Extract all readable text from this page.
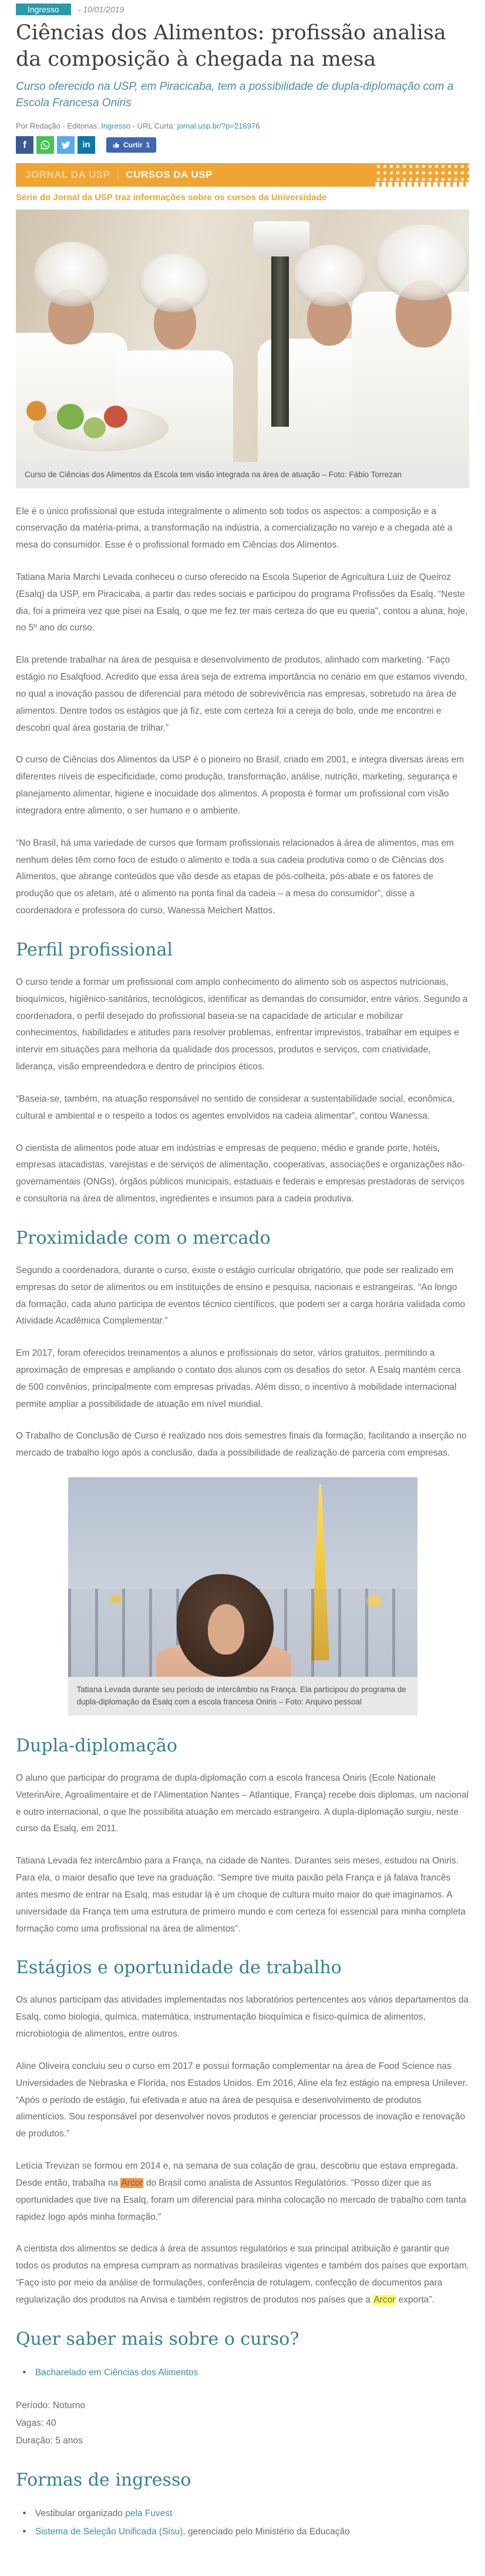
Ingresso	- 10/01/2019
Ciências dos Alimentos: profissão analisa da composição à chegada na mesa
Curso oferecido na USP, em Piracicaba, tem a possibilidade de dupla-diplomação com a Escola Francesa Oniris
Por Redação - Editorias: Ingresso - URL Curta: jornal.usp.br/?p=216976
f	in	Curtir 1
JORNAL DA USP CURSOS DA USP
Série do Jornal da USP traz informações sobre os cursos da Universidade
Curso de Ciências dos Alimentos da Escola tem visão integrada na área de atuação – Foto: Fábio Torrezan

Ele é o único profissional que estuda integralmente o alimento sob todos os aspectos: a composição e a conservação da matéria-prima, a transformação na indústria, a comercialização no varejo e a chegada até a mesa do consumidor. Esse é o profissional formado em Ciências dos Alimentos.

Tatiana Maria Marchi Levada conheceu o curso oferecido na Escola Superior de Agricultura Luiz de Queiroz (Esalq) da USP, em Piracicaba, a partir das redes sociais e participou do programa Profissões da Esalq. “Neste dia, foi a primeira vez que pisei na Esalq, o que me fez ter mais certeza do que eu queria”, contou a aluna, hoje, no 5º ano do curso.

Ela pretende trabalhar na área de pesquisa e desenvolvimento de produtos, alinhado com marketing. “Faço estágio no Esalqfood. Acredito que essa área seja de extrema importância no cenário em que estamos vivendo, no qual a inovação passou de diferencial para método de sobrevivência nas empresas, sobretudo na área de alimentos. Dentre todos os estágios que já fiz, este com certeza foi a cereja do bolo, onde me encontrei e descobri qual área gostaria de trilhar.”

O curso de Ciências dos Alimentos da USP é o pioneiro no Brasil, criado em 2001, e integra diversas áreas em diferentes níveis de especificidade, como produção, transformação, análise, nutrição, marketing, segurança e planejamento alimentar, higiene e inocuidade dos alimentos. A proposta é formar um profissional com visão integradora entre alimento, o ser humano e o ambiente.

“No Brasil, há uma variedade de cursos que formam profissionais relacionados à área de alimentos, mas em nenhum deles têm como foco de estudo o alimento e toda a sua cadeia produtiva como o de Ciências dos Alimentos, que abrange conteúdos que vão desde as etapas de pós-colheita, pós-abate e os fatores de produção que os afetam, até o alimento na ponta final da cadeia – a mesa do consumidor”, disse a coordenadora e professora do curso, Wanessa Melchert Mattos.

Perfil profissional

O curso tende a formar um profissional com amplo conhecimento do alimento sob os aspectos nutricionais, bioquímicos, higiênico-sanitários, tecnológicos, identificar as demandas do consumidor, entre vários. Segundo a coordenadora, o perfil desejado do profissional baseia-se na capacidade de articular e mobilizar conhecimentos, habilidades e atitudes para resolver problemas, enfrentar imprevistos, trabalhar em equipes e intervir em situações para melhoria da qualidade dos processos, produtos e serviços, com criatividade, liderança, visão empreendedora e dentro de princípios éticos.

“Baseia-se, também, na atuação responsável no sentido de considerar a sustentabilidade social, econômica, cultural e ambiental e o respeito a todos os agentes envolvidos na cadeia alimentar”, contou Wanessa.

O cientista de alimentos pode atuar em indústrias e empresas de pequeno, médio e grande porte, hotéis, empresas atacadistas, varejistas e de serviços de alimentação, cooperativas, associações e organizações não-governamentais (ONGs), órgãos públicos municipais, estaduais e federais e empresas prestadoras de serviços e consultoria na área de alimentos, ingredientes e insumos para a cadeia produtiva.

Proximidade com o mercado

Segundo a coordenadora, durante o curso, existe o estágio curricular obrigatório, que pode ser realizado em empresas do setor de alimentos ou em instituições de ensino e pesquisa, nacionais e estrangeiras. “Ao longo da formação, cada aluno participa de eventos técnico científicos, que podem ser a carga horária validada como Atividade Acadêmica Complementar.”

Em 2017, foram oferecidos treinamentos a alunos e profissionais do setor, vários gratuitos, permitindo a aproximação de empresas e ampliando o contato dos alunos com os desafios do setor. A Esalq mantém cerca de 500 convênios, principalmente com empresas privadas. Além disso, o incentivo à mobilidade internacional permite ampliar a possibilidade de atuação em nível mundial.

O Trabalho de Conclusão de Curso é realizado nos dois semestres finais da formação, facilitando a inserção no mercado de trabalho logo após a conclusão, dada a possibilidade de realização de parceria com empresas.

Tatiana Levada durante seu período de intercâmbio na França. Ela participou do programa de dupla-diplomação da Esalq com a escola francesa Oniris – Foto: Arquivo pessoal
Dupla-diplomação

O aluno que participar do programa de dupla-diplomação com a escola francesa Oniris (Ecole Nationale VeterinAire, Agroalimentaire et de l’Alimentation Nantes – Atlantique, França) recebe dois diplomas, um nacional e outro internacional, o que lhe possibilita atuação em mercado estrangeiro. A dupla-diplomação surgiu, neste curso da Esalq, em 2011.

Tatiana Levada fez intercâmbio para a França, na cidade de Nantes. Durantes seis meses, estudou na Oniris. Para ela, o maior desafio que teve na graduação. “Sempre tive muita paixão pela França e já falava francês antes mesmo de entrar na Esalq, mas estudar lá é um choque de cultura muito maior do que imaginamos. A universidade da França tem uma estrutura de primeiro mundo e com certeza foi essencial para minha completa formação como uma profissional na área de alimentos”.

Estágios e oportunidade de trabalho

Os alunos participam das atividades implementadas nos laboratórios pertencentes aos vários departamentos da Esalq, como biologia, química, matemática, instrumentação bioquímica e físico-química de alimentos, microbiologia de alimentos, entre outros.

Aline Oliveira concluiu seu o curso em 2017 e possui formação complementar na área de Food Science nas Universidades de Nebraska e Florida, nos Estados Unidos. Em 2016, Aline ela fez estágio na empresa Unilever. “Após o período de estágio, fui efetivada e atuo na área de pesquisa e desenvolvimento de produtos alimentícios. Sou responsável por desenvolver novos produtos e gerenciar processos de inovação e renovação de produtos.”

Letícia Trevizan se formou em 2014 e, na semana de sua colação de grau, descobriu que estava empregada. Desde então, trabalha na Arcor do Brasil como analista de Assuntos Regulatórios. “Posso dizer que as oportunidades que tive na Esalq, foram um diferencial para minha colocação no mercado de trabalho com tanta rapidez logo após minha formação.”

A cientista dos alimentos se dedica à área de assuntos regulatórios e sua principal atribuição é garantir que todos os produtos na empresa cumpram as normativas brasileiras vigentes e também dos países que exportam. “Faço isto por meio da análise de formulações, conferência de rotulagem, confecção de documentos para regularização dos produtos na Anvisa e também registros de produtos nos países que a Arcor exporta”.

Quer saber mais sobre o curso?
■ Bacharelado em Ciências dos Alimentos
Período: Noturno
Vagas: 40
Duração: 5 anos
Formas de ingresso
■ Vestibular organizado pela Fuvest
■ Sistema de Seleção Unificada (Sisu), gerenciado pelo Ministério da Educação
